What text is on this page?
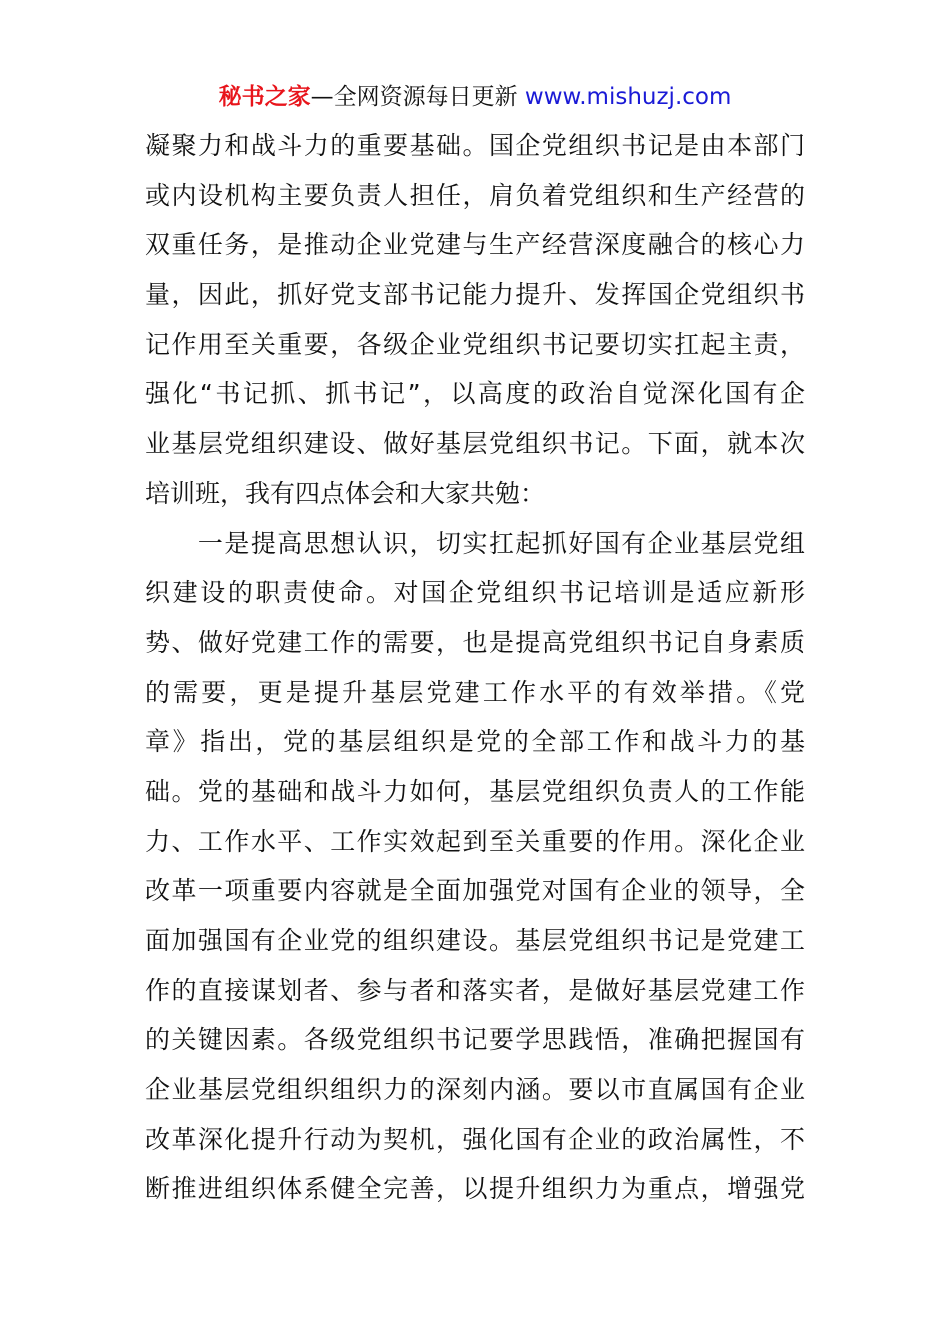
秘书之家—全网资源每日更新 www.mishuzj.com
凝聚力和战斗力的重要基础。国企党组织书记是由本部门
或内设机构主要负责人担任，肩负着党组织和生产经营的
双重任务，是推动企业党建与生产经营深度融合的核心力
量，因此，抓好党支部书记能力提升、发挥国企党组织书
记作用至关重要，各级企业党组织书记要切实扛起主责，
强化“书记抓、抓书记”，以高度的政治自觉深化国有企
业基层党组织建设、做好基层党组织书记。下面，就本次
培训班，我有四点体会和大家共勉：
　　一是提高思想认识，切实扛起抓好国有企业基层党组
织建设的职责使命。对国企党组织书记培训是适应新形
势、做好党建工作的需要，也是提高党组织书记自身素质
的需要，更是提升基层党建工作水平的有效举措。《党
章》指出，党的基层组织是党的全部工作和战斗力的基
础。党的基础和战斗力如何，基层党组织负责人的工作能
力、工作水平、工作实效起到至关重要的作用。深化企业
改革一项重要内容就是全面加强党对国有企业的领导，全
面加强国有企业党的组织建设。基层党组织书记是党建工
作的直接谋划者、参与者和落实者，是做好基层党建工作
的关键因素。各级党组织书记要学思践悟，准确把握国有
企业基层党组织组织力的深刻内涵。要以市直属国有企业
改革深化提升行动为契机，强化国有企业的政治属性，不
断推进组织体系健全完善，以提升组织力为重点，增强党
